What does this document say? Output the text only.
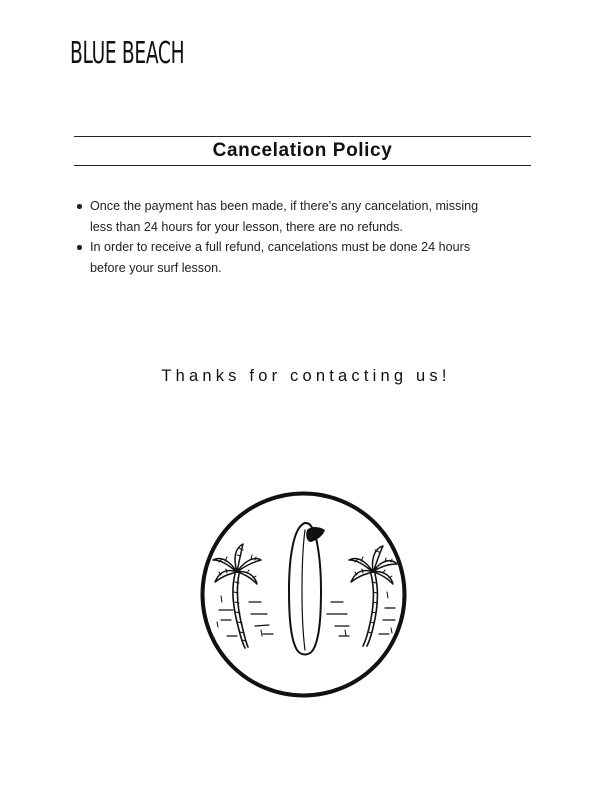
BLUE BEACH
Cancelation Policy
Once the payment has been made, if there's any cancelation, missing
less than 24 hours for your lesson, there are no refunds.
In order to receive a full refund, cancelations must be done 24 hours
before your surf lesson.
Thanks for contacting us!
